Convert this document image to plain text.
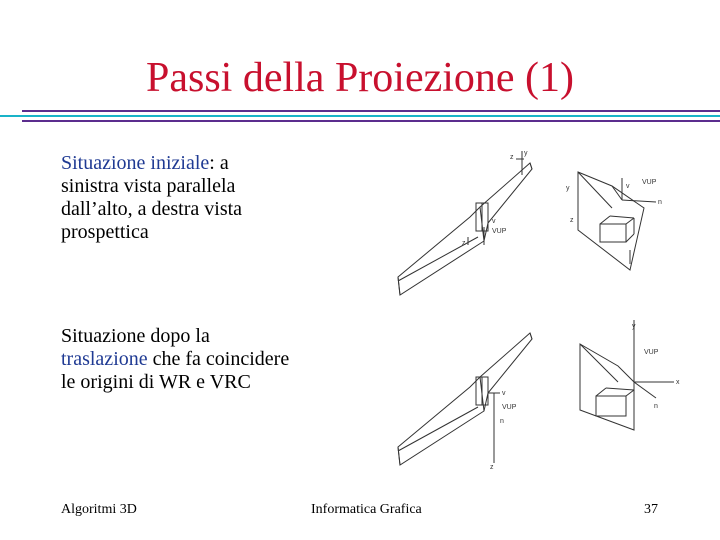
Passi della Proiezione (1)
Situazione iniziale: a sinistra vista parallela dall’alto, a destra vista prospettica
Situazione dopo la traslazione che fa coincidere le origini di WR e VRC
y
z
v
VUP
z
y
z
VUP
n
v
v
VUP
n
z
y
VUP
x
n
Algoritmi 3D	Informatica Grafica	37
